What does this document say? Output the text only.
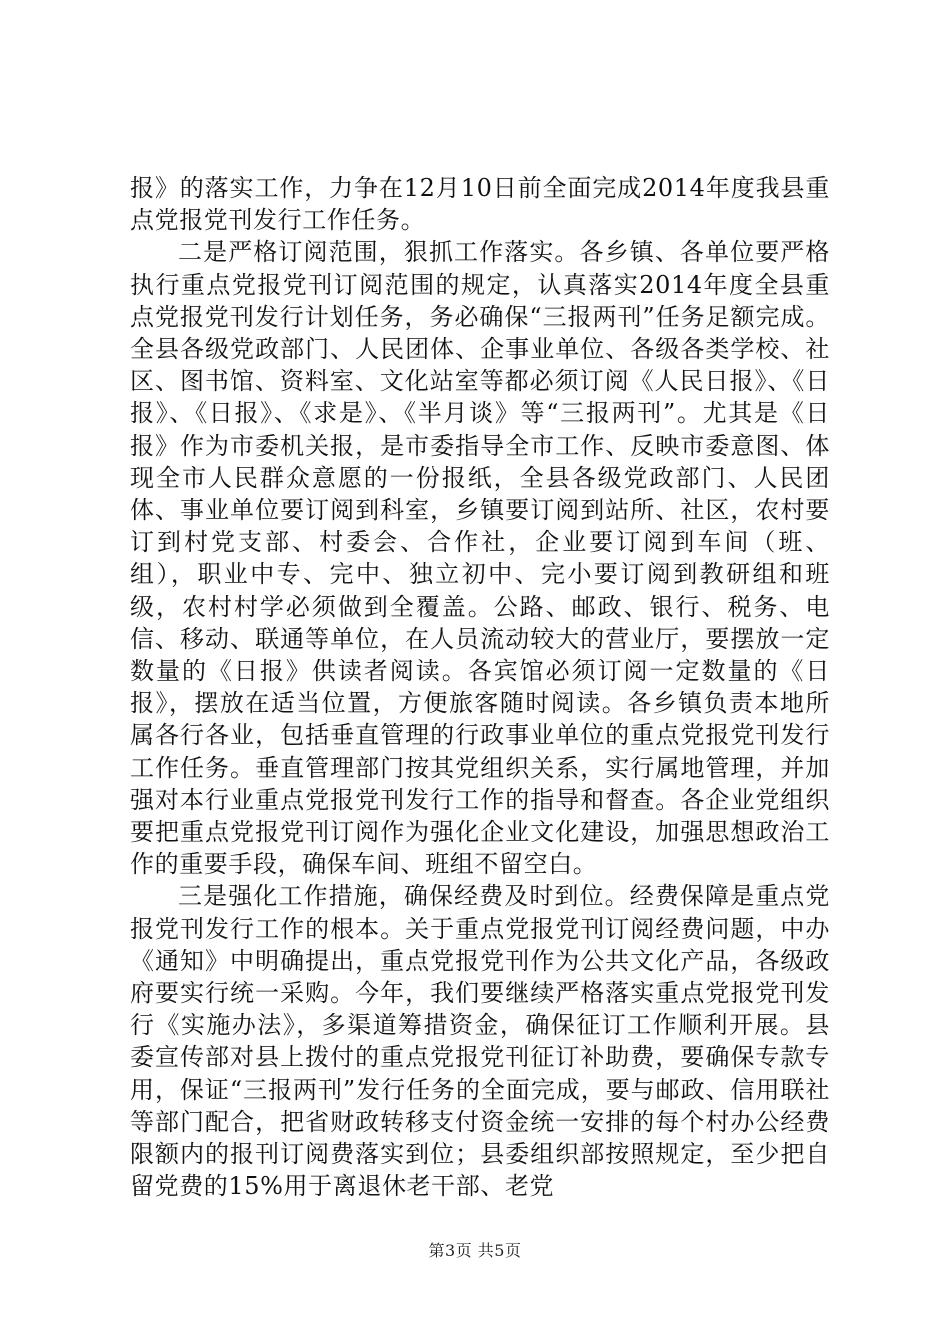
报》的落实工作，力争在12月10日前全面完成2014年度我县重点党报党刊发行工作任务。

二是严格订阅范围，狠抓工作落实。各乡镇、各单位要严格执行重点党报党刊订阅范围的规定，认真落实2014年度全县重点党报党刊发行计划任务，务必确保“三报两刊”任务足额完成。全县各级党政部门、人民团体、企事业单位、各级各类学校、社区、图书馆、资料室、文化站室等都必须订阅《人民日报》、《日报》、《日报》、《求是》、《半月谈》等“三报两刊”。尤其是《日报》作为市委机关报，是市委指导全市工作、反映市委意图、体现全市人民群众意愿的一份报纸，全县各级党政部门、人民团体、事业单位要订阅到科室，乡镇要订阅到站所、社区，农村要订到村党支部、村委会、合作社，企业要订阅到车间（班、组），职业中专、完中、独立初中、完小要订阅到教研组和班级，农村村学必须做到全覆盖。公路、邮政、银行、税务、电信、移动、联通等单位，在人员流动较大的营业厅，要摆放一定数量的《日报》供读者阅读。各宾馆必须订阅一定数量的《日报》，摆放在适当位置，方便旅客随时阅读。各乡镇负责本地所属各行各业，包括垂直管理的行政事业单位的重点党报党刊发行工作任务。垂直管理部门按其党组织关系，实行属地管理，并加强对本行业重点党报党刊发行工作的指导和督查。各企业党组织要把重点党报党刊订阅作为强化企业文化建设，加强思想政治工作的重要手段，确保车间、班组不留空白。

三是强化工作措施，确保经费及时到位。经费保障是重点党报党刊发行工作的根本。关于重点党报党刊订阅经费问题，中办《通知》中明确提出，重点党报党刊作为公共文化产品，各级政府要实行统一采购。今年，我们要继续严格落实重点党报党刊发行《实施办法》，多渠道筹措资金，确保征订工作顺利开展。县委宣传部对县上拨付的重点党报党刊征订补助费，要确保专款专用，保证“三报两刊”发行任务的全面完成，要与邮政、信用联社等部门配合，把省财政转移支付资金统一安排的每个村办公经费限额内的报刊订阅费落实到位；县委组织部按照规定，至少把自留党费的15%用于离退休老干部、老党

第3页 共5页
